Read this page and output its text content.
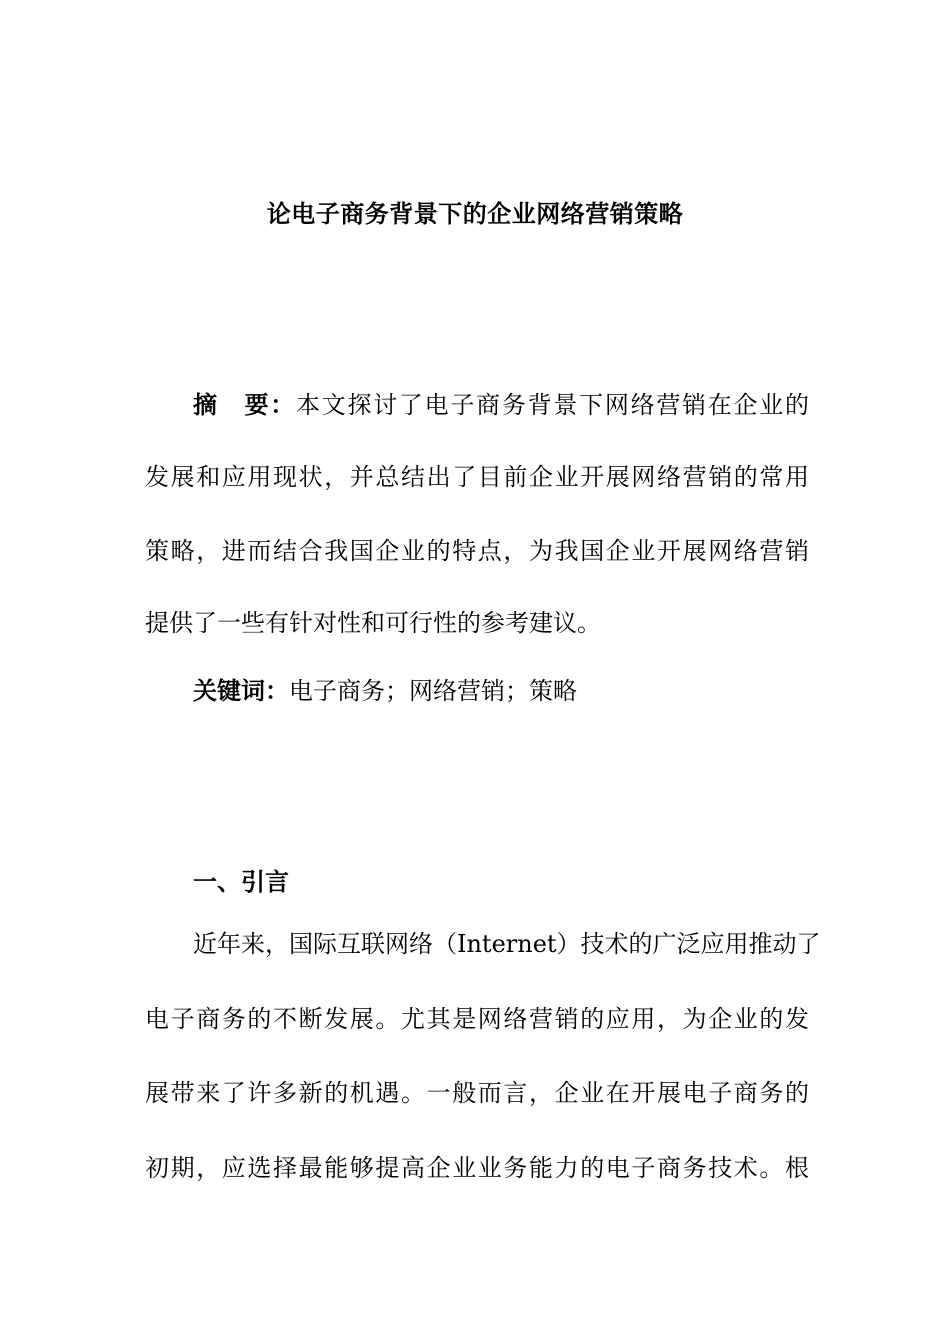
论电子商务背景下的企业网络营销策略
摘　要：本文探讨了电子商务背景下网络营销在企业的
发展和应用现状，并总结出了目前企业开展网络营销的常用
策略，进而结合我国企业的特点，为我国企业开展网络营销
提供了一些有针对性和可行性的参考建议。
关键词：电子商务；网络营销；策略
一、引言
近年来，国际互联网络（Internet）技术的广泛应用推动了
电子商务的不断发展。尤其是网络营销的应用，为企业的发
展带来了许多新的机遇。一般而言，企业在开展电子商务的
初期，应选择最能够提高企业业务能力的电子商务技术。根
